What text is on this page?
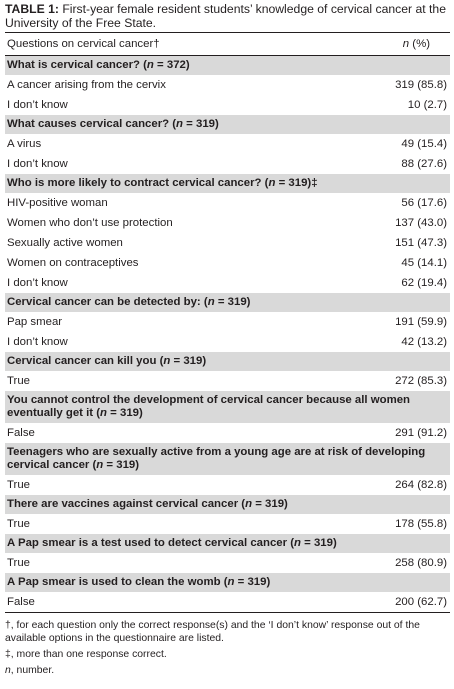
TABLE 1: First-year female resident students’ knowledge of cervical cancer at the University of the Free State.

Questions on cervical cancer†	n (%)
What is cervical cancer? (n = 372)	
A cancer arising from the cervix	319 (85.8)
I don’t know	10 (2.7)
What causes cervical cancer? (n = 319)	
A virus	49 (15.4)
I don’t know	88 (27.6)
Who is more likely to contract cervical cancer? (n = 319)‡	
HIV-positive woman	56 (17.6)
Women who don’t use protection	137 (43.0)
Sexually active women	151 (47.3)
Women on contraceptives	45 (14.1)
I don’t know	62 (19.4)
Cervical cancer can be detected by: (n = 319)	
Pap smear	191 (59.9)
I don’t know	42 (13.2)
Cervical cancer can kill you (n = 319)	
True	272 (85.3)
You cannot control the development of cervical cancer because all women eventually get it (n = 319)	
False	291 (91.2)
Teenagers who are sexually active from a young age are at risk of developing cervical cancer (n = 319)	
True	264 (82.8)
There are vaccines against cervical cancer (n = 319)	
True	178 (55.8)
A Pap smear is a test used to detect cervical cancer (n = 319)	
True	258 (80.9)
A Pap smear is used to clean the womb (n = 319)	
False	200 (62.7)

†, for each question only the correct response(s) and the ‘I don’t know’ response out of the available options in the questionnaire are listed.

‡, more than one response correct.

n, number.
